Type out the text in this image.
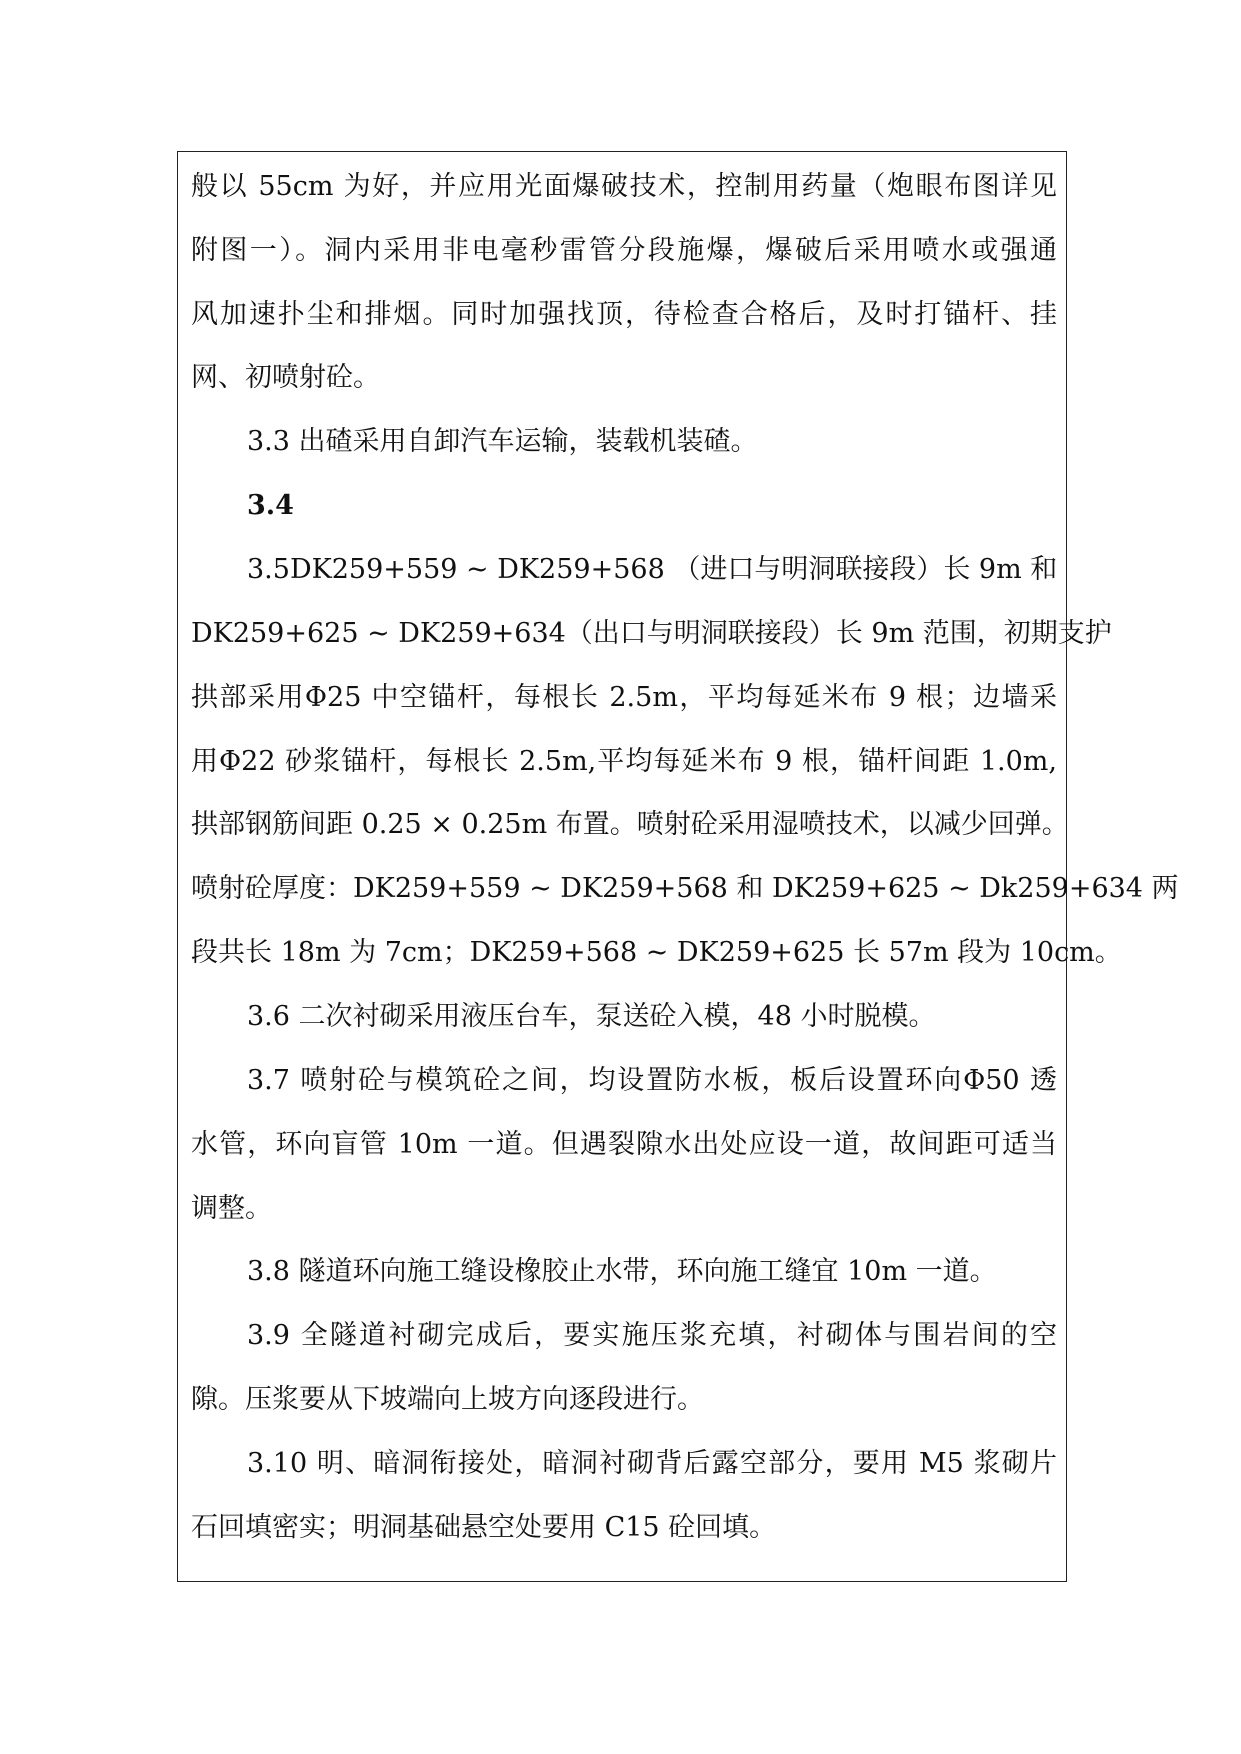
般以 55cm 为好，并应用光面爆破技术，控制用药量（炮眼布图详见
附图一）。洞内采用非电毫秒雷管分段施爆，爆破后采用喷水或强通
风加速扑尘和排烟。同时加强找顶，待检查合格后，及时打锚杆、挂
网、初喷射砼。
3.3 出碴采用自卸汽车运输，装载机装碴。
3.4
3.5DK259+559 ~ DK259+568 （进口与明洞联接段）长 9m 和
DK259+625 ~ DK259+634（出口与明洞联接段）长 9m 范围，初期支护
拱部采用Φ25 中空锚杆，每根长 2.5m，平均每延米布 9 根；边墙采
用Φ22 砂浆锚杆，每根长 2.5m,平均每延米布 9 根，锚杆间距 1.0m,
拱部钢筋间距 0.25 × 0.25m 布置。喷射砼采用湿喷技术，以减少回弹。
喷射砼厚度：DK259+559 ~ DK259+568 和 DK259+625 ~ Dk259+634 两
段共长 18m 为 7cm；DK259+568 ~ DK259+625 长 57m 段为 10cm。
3.6 二次衬砌采用液压台车，泵送砼入模，48 小时脱模。
3.7 喷射砼与模筑砼之间，均设置防水板，板后设置环向Φ50 透
水管，环向盲管 10m 一道。但遇裂隙水出处应设一道，故间距可适当
调整。
3.8 隧道环向施工缝设橡胶止水带，环向施工缝宜 10m 一道。
3.9 全隧道衬砌完成后，要实施压浆充填，衬砌体与围岩间的空
隙。压浆要从下坡端向上坡方向逐段进行。
3.10 明、暗洞衔接处，暗洞衬砌背后露空部分，要用 M5 浆砌片
石回填密实；明洞基础悬空处要用 C15 砼回填。
